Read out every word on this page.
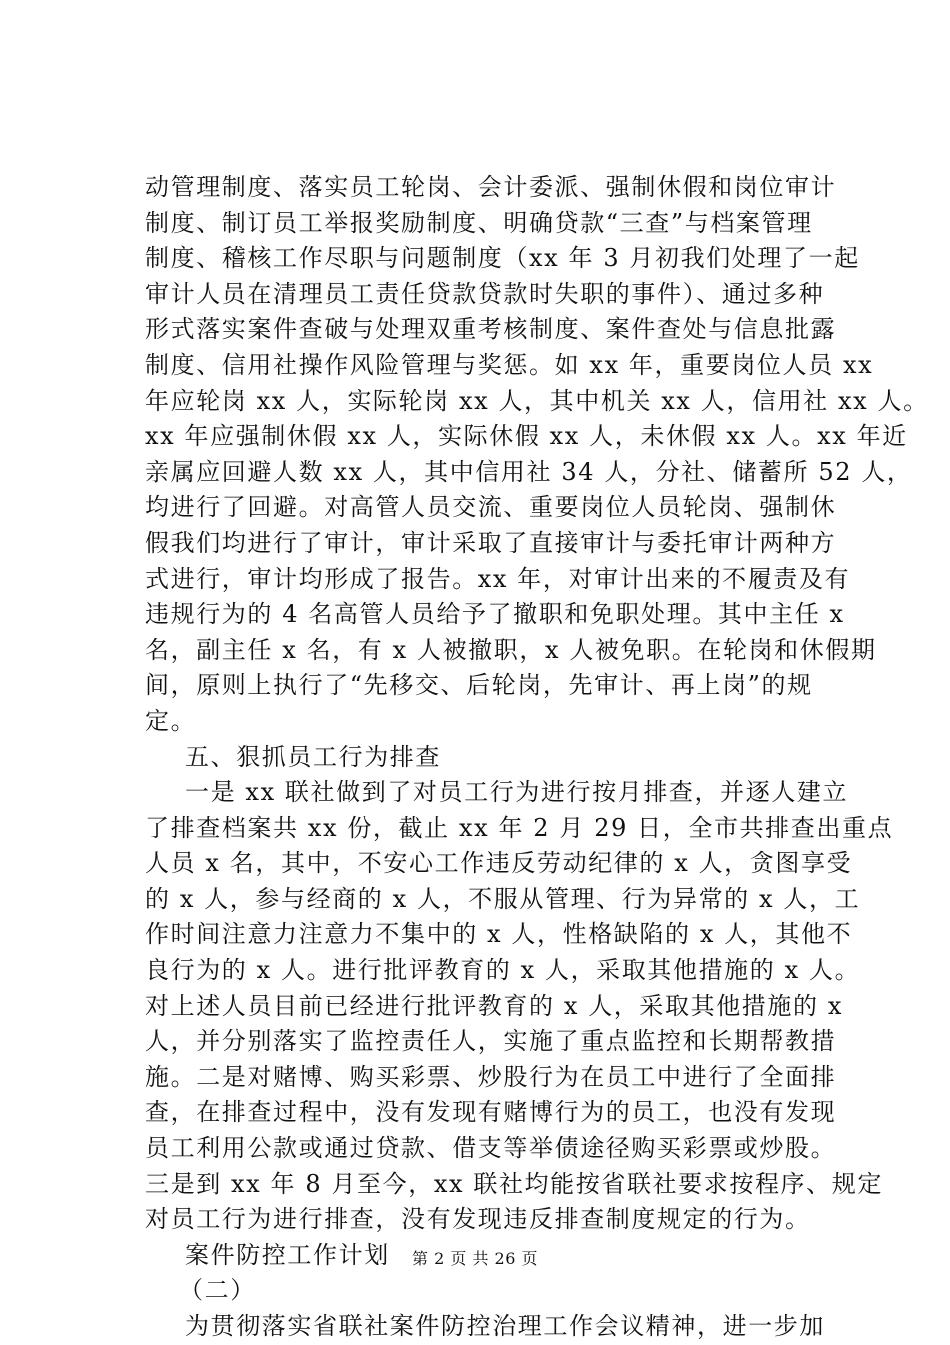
动管理制度、落实员工轮岗、会计委派、强制休假和岗位审计
制度、制订员工举报奖励制度、明确贷款“三查”与档案管理
制度、稽核工作尽职与问题制度（xx 年 3 月初我们处理了一起
审计人员在清理员工责任贷款贷款时失职的事件）、通过多种
形式落实案件查破与处理双重考核制度、案件查处与信息批露
制度、信用社操作风险管理与奖惩。如 xx 年，重要岗位人员 xx
年应轮岗 xx 人，实际轮岗 xx 人，其中机关 xx 人，信用社 xx 人。
xx 年应强制休假 xx 人，实际休假 xx 人，未休假 xx 人。xx 年近
亲属应回避人数 xx 人，其中信用社 34 人，分社、储蓄所 52 人，
均进行了回避。对高管人员交流、重要岗位人员轮岗、强制休
假我们均进行了审计，审计采取了直接审计与委托审计两种方
式进行，审计均形成了报告。xx 年，对审计出来的不履责及有
违规行为的 4 名高管人员给予了撤职和免职处理。其中主任 x
名，副主任 x 名，有 x 人被撤职，x 人被免职。在轮岗和休假期
间，原则上执行了“先移交、后轮岗，先审计、再上岗”的规
定。
五、狠抓员工行为排查
一是 xx 联社做到了对员工行为进行按月排查，并逐人建立
了排查档案共 xx 份，截止 xx 年 2 月 29 日，全市共排查出重点
人员 x 名，其中，不安心工作违反劳动纪律的 x 人，贪图享受
的 x 人，参与经商的 x 人，不服从管理、行为异常的 x 人，工
作时间注意力注意力不集中的 x 人，性格缺陷的 x 人，其他不
良行为的 x 人。进行批评教育的 x 人，采取其他措施的 x 人。
对上述人员目前已经进行批评教育的 x 人，采取其他措施的 x
人，并分别落实了监控责任人，实施了重点监控和长期帮教措
施。二是对赌博、购买彩票、炒股行为在员工中进行了全面排
查，在排查过程中，没有发现有赌博行为的员工，也没有发现
员工利用公款或通过贷款、借支等举债途径购买彩票或炒股。
三是到 xx 年 8 月至今，xx 联社均能按省联社要求按程序、规定
对员工行为进行排查，没有发现违反排查制度规定的行为。
案件防控工作计划
（二）
为贯彻落实省联社案件防控治理工作会议精神，进一步加
第 2 页 共 26 页
